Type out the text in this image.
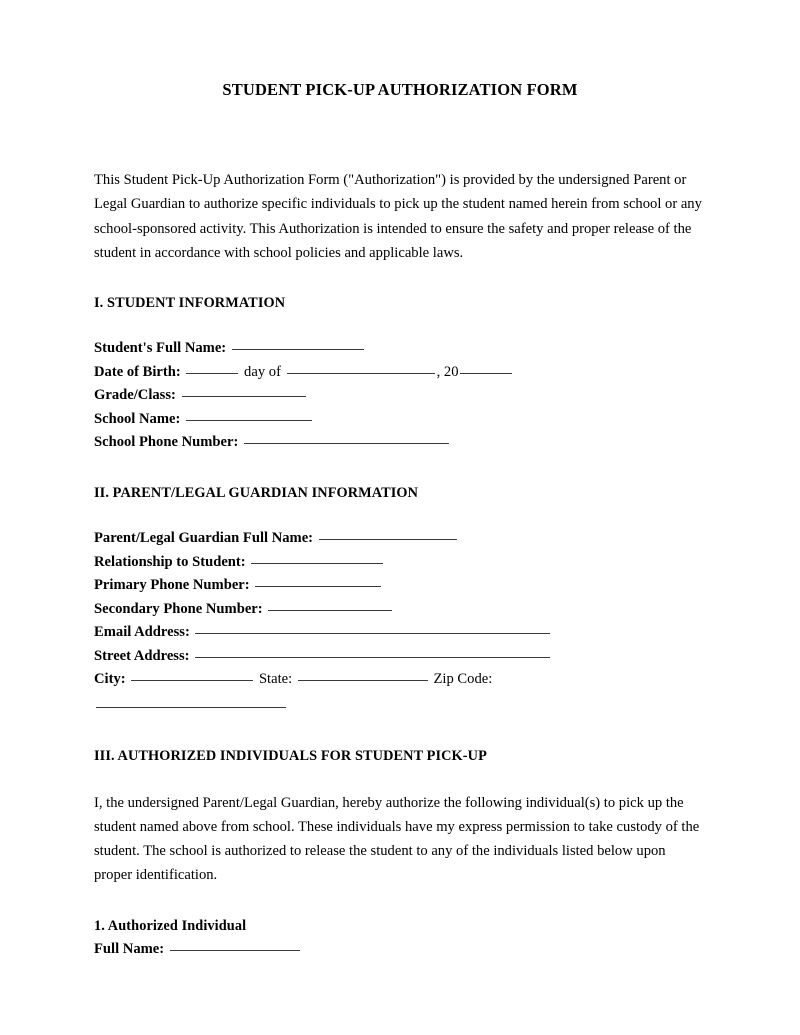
STUDENT PICK-UP AUTHORIZATION FORM

This Student Pick-Up Authorization Form ("Authorization") is provided by the undersigned Parent or Legal Guardian to authorize specific individuals to pick up the student named herein from school or any school-sponsored activity. This Authorization is intended to ensure the safety and proper release of the student in accordance with school policies and applicable laws.

I. STUDENT INFORMATION
Student's Full Name:
Date of Birth:	day of	, 20
Grade/Class:
School Name:
School Phone Number:
II. PARENT/LEGAL GUARDIAN INFORMATION
Parent/Legal Guardian Full Name:
Relationship to Student:
Primary Phone Number:
Secondary Phone Number:
Email Address:
Street Address:
City:	State:	Zip Code:
III. AUTHORIZED INDIVIDUALS FOR STUDENT PICK-UP

I, the undersigned Parent/Legal Guardian, hereby authorize the following individual(s) to pick up the student named above from school. These individuals have my express permission to take custody of the student. The school is authorized to release the student to any of the individuals listed below upon proper identification.

1. Authorized Individual
Full Name:
